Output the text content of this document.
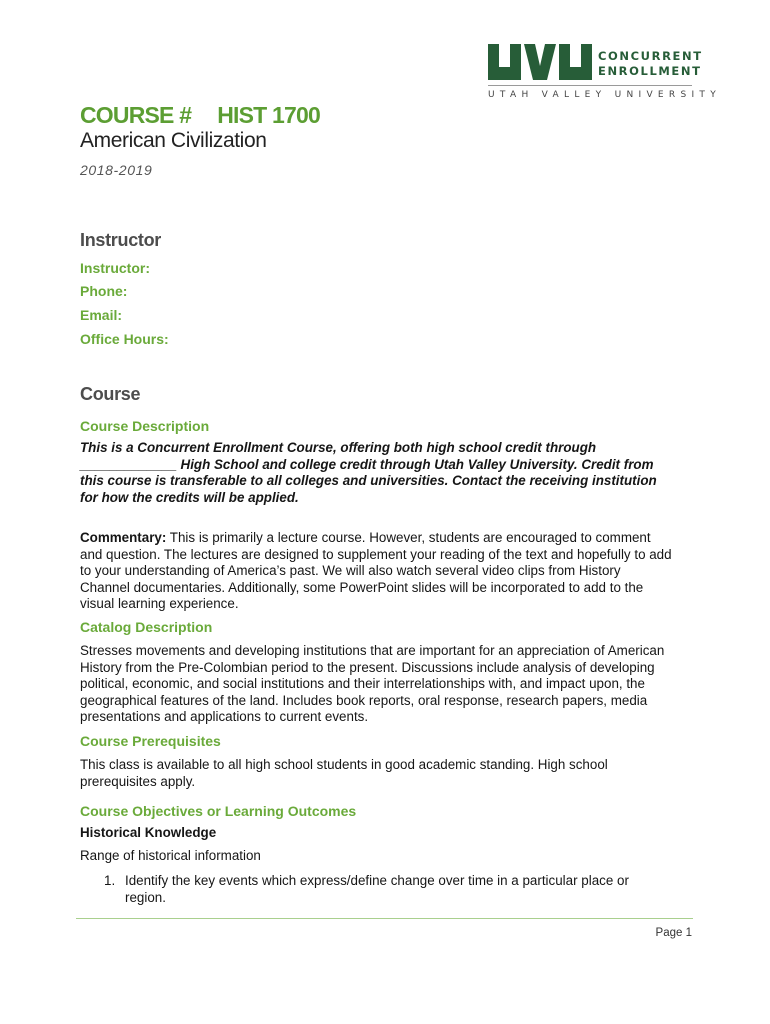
CONCURRENT
ENROLLMENT
UTAH VALLEY UNIVERSITY
COURSE # HIST 1700
American Civilization
2018-2019
Instructor
Instructor:
Phone:
Email:
Office Hours:
Course
Course Description
This is a Concurrent Enrollment Course, offering both high school credit through
_____________ High School and college credit through Utah Valley University. Credit from
this course is transferable to all colleges and universities. Contact the receiving institution
for how the credits will be applied.
Commentary: This is primarily a lecture course. However, students are encouraged to comment
and question. The lectures are designed to supplement your reading of the text and hopefully to add
to your understanding of America’s past. We will also watch several video clips from History
Channel documentaries. Additionally, some PowerPoint slides will be incorporated to add to the
visual learning experience.
Catalog Description
Stresses movements and developing institutions that are important for an appreciation of American
History from the Pre-Colombian period to the present. Discussions include analysis of developing
political, economic, and social institutions and their interrelationships with, and impact upon, the
geographical features of the land. Includes book reports, oral response, research papers, media
presentations and applications to current events.
Course Prerequisites
This class is available to all high school students in good academic standing. High school
prerequisites apply.
Course Objectives or Learning Outcomes
Historical Knowledge
Range of historical information
1. Identify the key events which express/define change over time in a particular place or
region.
Page 1
